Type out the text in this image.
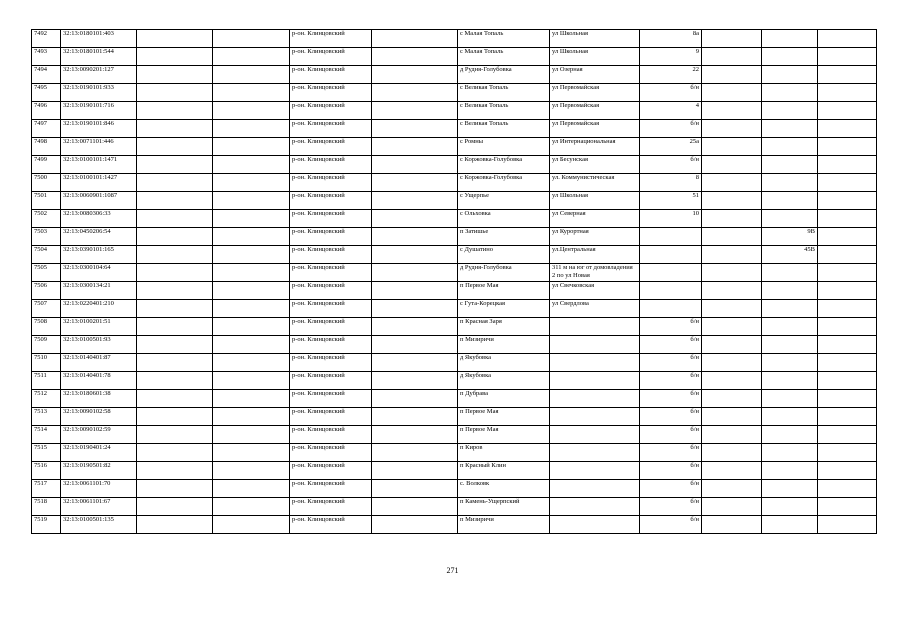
7492	32:13:0180101:403			р-он. Клинцовский		с Малая Топаль	ул Школьная	8а			
7493	32:13:0180101:544			р-он. Клинцовский		с Малая Топаль	ул Школьная	9			
7494	32:13:0090201:127			р-он. Клинцовский		д Рудня-Голубовка	ул Озерная	22			
7495	32:13:0190101:933			р-он. Клинцовский		с Великая Топаль	ул Первомайская	б/н			
7496	32:13:0190101:716			р-он. Клинцовский		с Великая Топаль	ул Первомайская	4			
7497	32:13:0190101:846			р-он. Клинцовский		с Великая Топаль	ул Первомайская	б/н			
7498	32:13:0071101:446			р-он. Клинцовский		с Ромны	ул Интернациональная	25а			
7499	32:13:0100101:1471			р-он. Клинцовский		с Коржовка-Голубовка	ул Бесунская	б/н			
7500	32:13:0100101:1427			р-он. Клинцовский		с Коржовка-Голубовка	ул. Коммунистическая	8			
7501	32:13:0060901:1087			р-он. Клинцовский		с Ущерпье	ул Школьная	51			
7502	32:13:0080306:33			р-он. Клинцовский		с Ольховка	ул Северная	10			
7503	32:13:0450206:54			р-он. Клинцовский		п Затишье	ул Курортная			9В	
7504	32:13:0390101:165			р-он. Клинцовский		с Душатино	ул.Центральная			45В	
7505	32:13:0300104:64			р-он. Клинцовский		д Рудня-Голубовка	311 м на юг от домовладения 2 по ул Новая				
7506	32:13:0300134:21			р-он. Клинцовский		п Первое Мая	ул Свечковская				
7507	32:13:0220401:210			р-он. Клинцовский		с Гута-Корецкая	ул Свердлова				
7508	32:13:0100201:51			р-он. Клинцовский		п Красная Заря		б/н			
7509	32:13:0100501:93			р-он. Клинцовский		п Мизиричи		б/н			
7510	32:13:0140401:87			р-он. Клинцовский		д Якубовка		б/н			
7511	32:13:0140401:78			р-он. Клинцовский		д Якубовка		б/н			
7512	32:13:0180601:38			р-он. Клинцовский		п Дубрава		б/н			
7513	32:13:0090102:58			р-он. Клинцовский		п Первое Мая		б/н			
7514	32:13:0090102:59			р-он. Клинцовский		п Первое Мая		б/н			
7515	32:13:0190401:24			р-он. Клинцовский		п Киров		б/н			
7516	32:13:0190501:82			р-он. Клинцовский		п Красный Клин		б/н			
7517	32:13:0061101:70			р-он. Клинцовский		с. Волковк		б/н			
7518	32:13:0061101:67			р-он. Клинцовский		п Камень-Ущерпский		б/н			
7519	32:13:0100501:135			р-он. Клинцовский		п Мизиричи		б/н			
271
